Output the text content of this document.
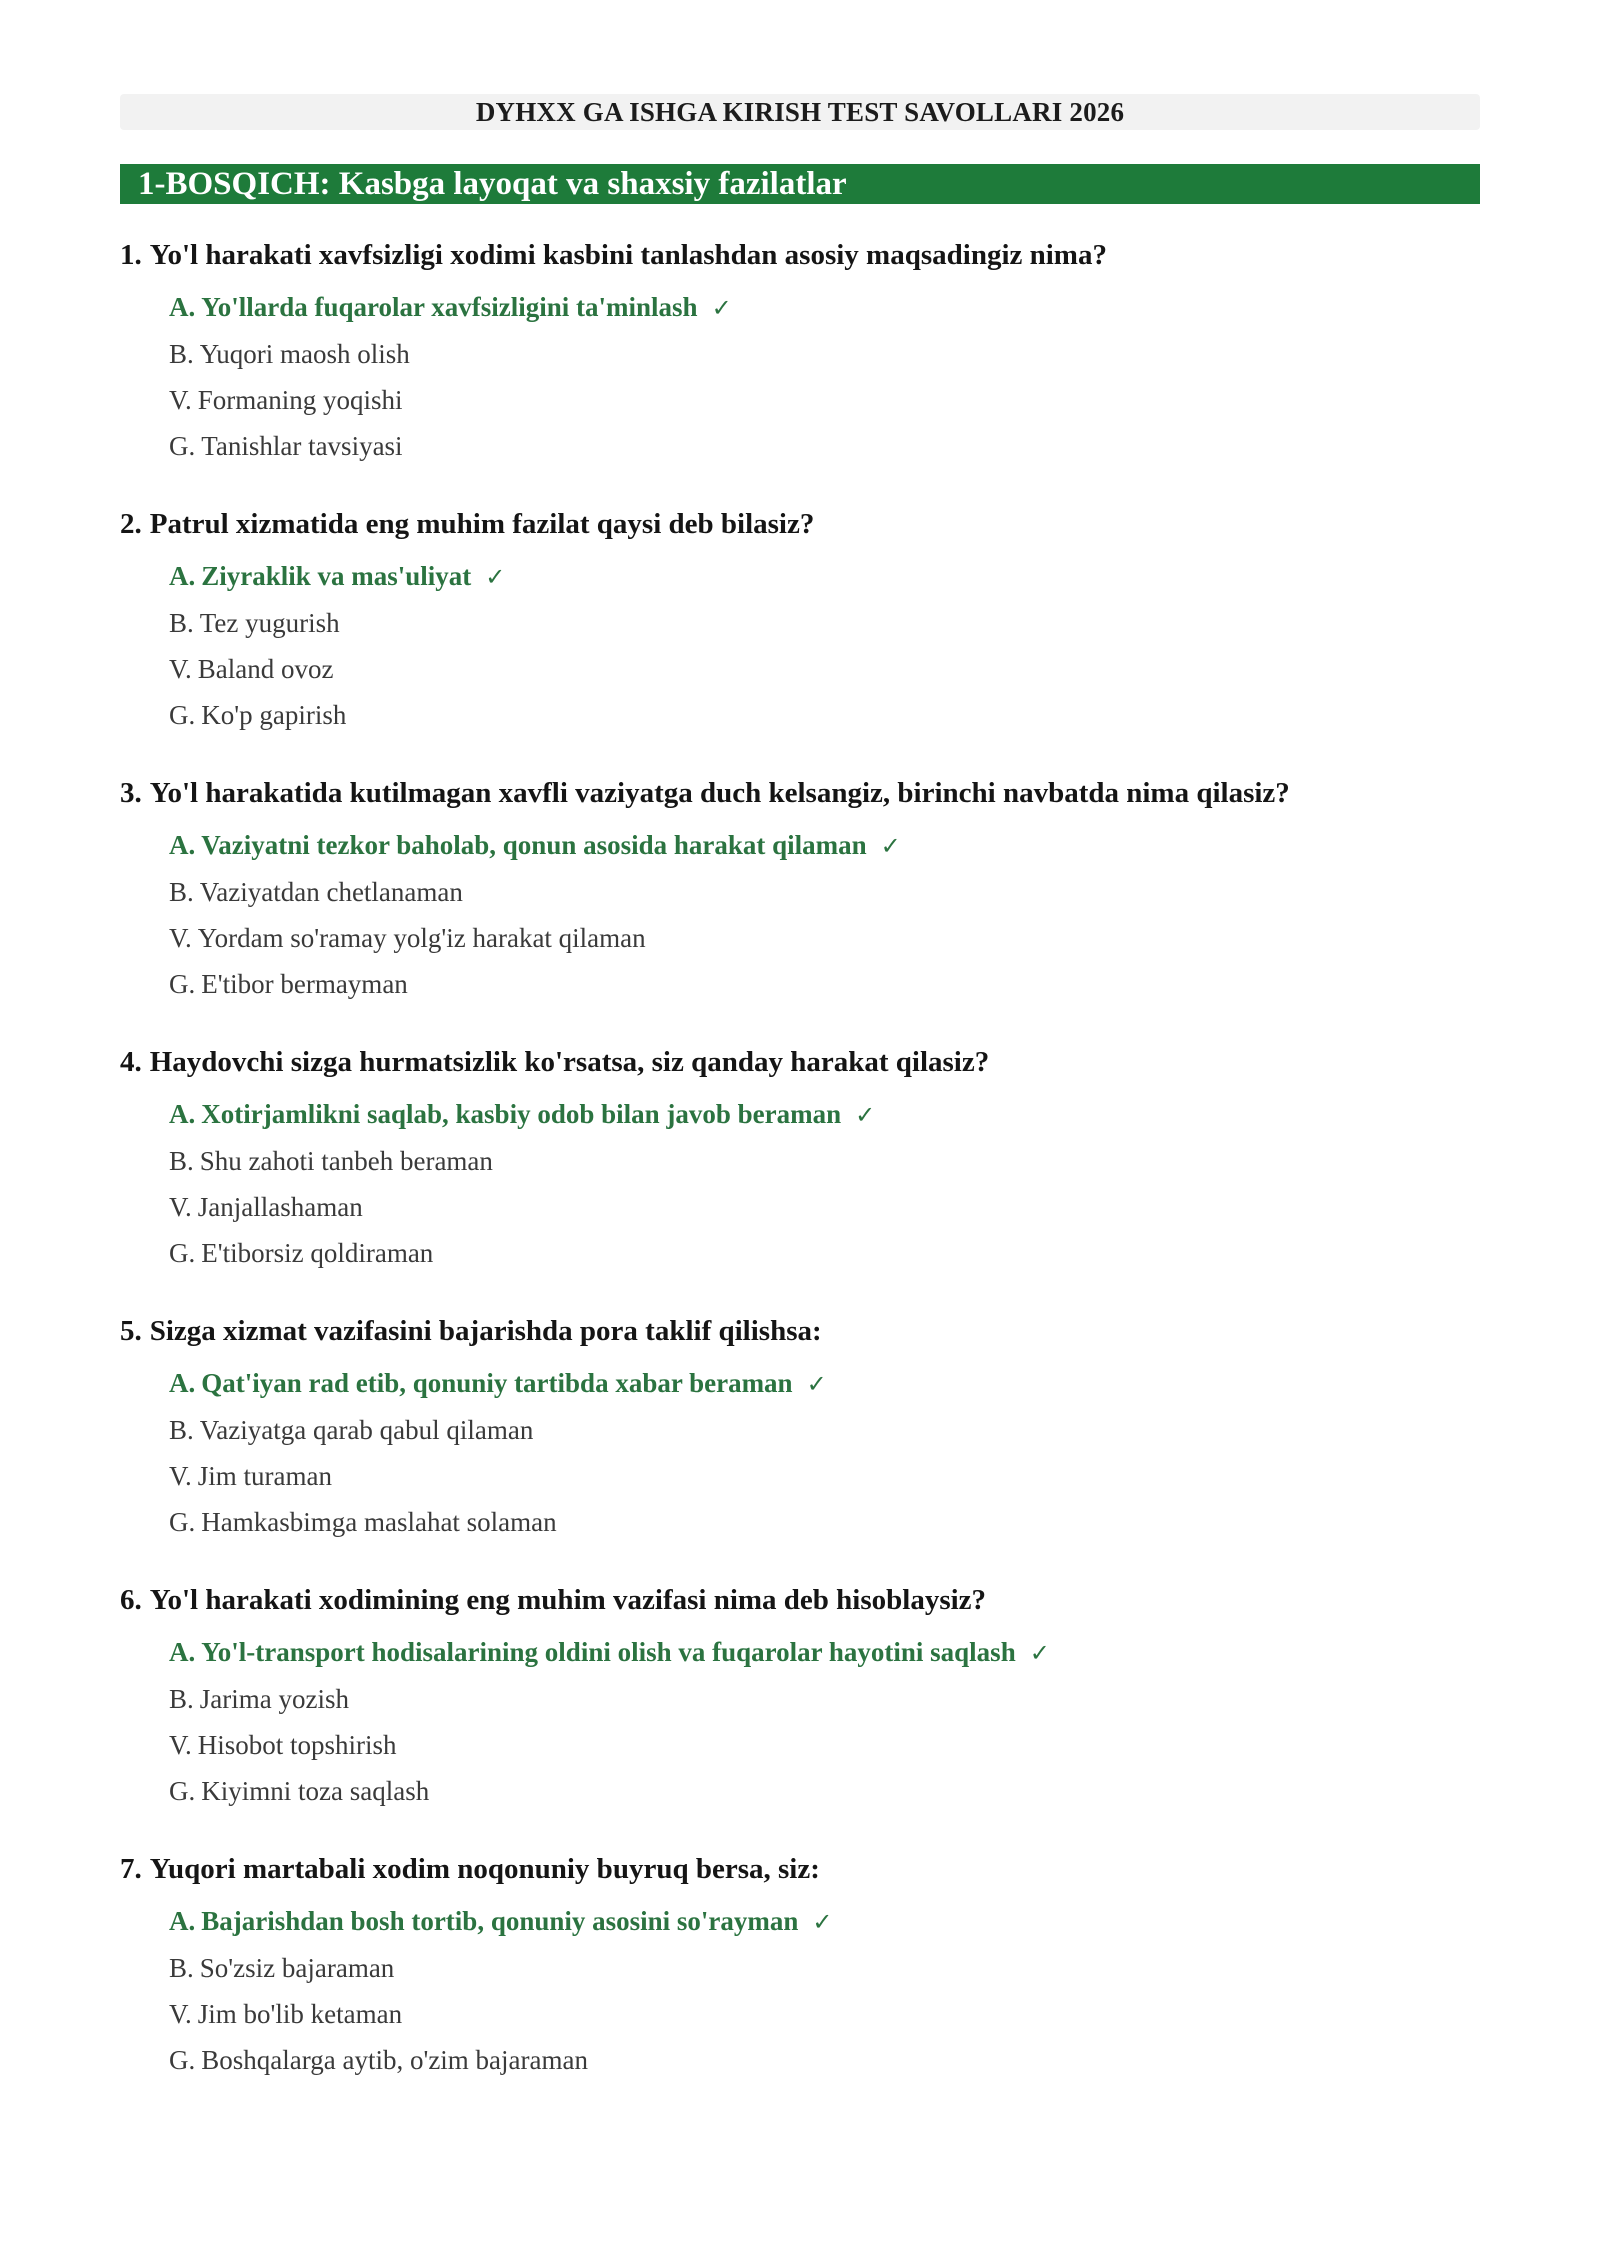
DYHXX GA ISHGA KIRISH TEST SAVOLLARI 2026
1-BOSQICH: Kasbga layoqat va shaxsiy fazilatlar
1. Yo'l harakati xavfsizligi xodimi kasbini tanlashdan asosiy maqsadingiz nima?
A. Yo'llarda fuqarolar xavfsizligini ta'minlash ✓
B. Yuqori maosh olish
V. Formaning yoqishi
G. Tanishlar tavsiyasi
2. Patrul xizmatida eng muhim fazilat qaysi deb bilasiz?
A. Ziyraklik va mas'uliyat ✓
B. Tez yugurish
V. Baland ovoz
G. Ko'p gapirish
3. Yo'l harakatida kutilmagan xavfli vaziyatga duch kelsangiz, birinchi navbatda nima qilasiz?
A. Vaziyatni tezkor baholab, qonun asosida harakat qilaman ✓
B. Vaziyatdan chetlanaman
V. Yordam so'ramay yolg'iz harakat qilaman
G. E'tibor bermayman
4. Haydovchi sizga hurmatsizlik ko'rsatsa, siz qanday harakat qilasiz?
A. Xotirjamlikni saqlab, kasbiy odob bilan javob beraman ✓
B. Shu zahoti tanbeh beraman
V. Janjallashaman
G. E'tiborsiz qoldiraman
5. Sizga xizmat vazifasini bajarishda pora taklif qilishsa:
A. Qat'iyan rad etib, qonuniy tartibda xabar beraman ✓
B. Vaziyatga qarab qabul qilaman
V. Jim turaman
G. Hamkasbimga maslahat solaman
6. Yo'l harakati xodimining eng muhim vazifasi nima deb hisoblaysiz?
A. Yo'l-transport hodisalarining oldini olish va fuqarolar hayotini saqlash ✓
B. Jarima yozish
V. Hisobot topshirish
G. Kiyimni toza saqlash
7. Yuqori martabali xodim noqonuniy buyruq bersa, siz:
A. Bajarishdan bosh tortib, qonuniy asosini so'rayman ✓
B. So'zsiz bajaraman
V. Jim bo'lib ketaman
G. Boshqalarga aytib, o'zim bajaraman
